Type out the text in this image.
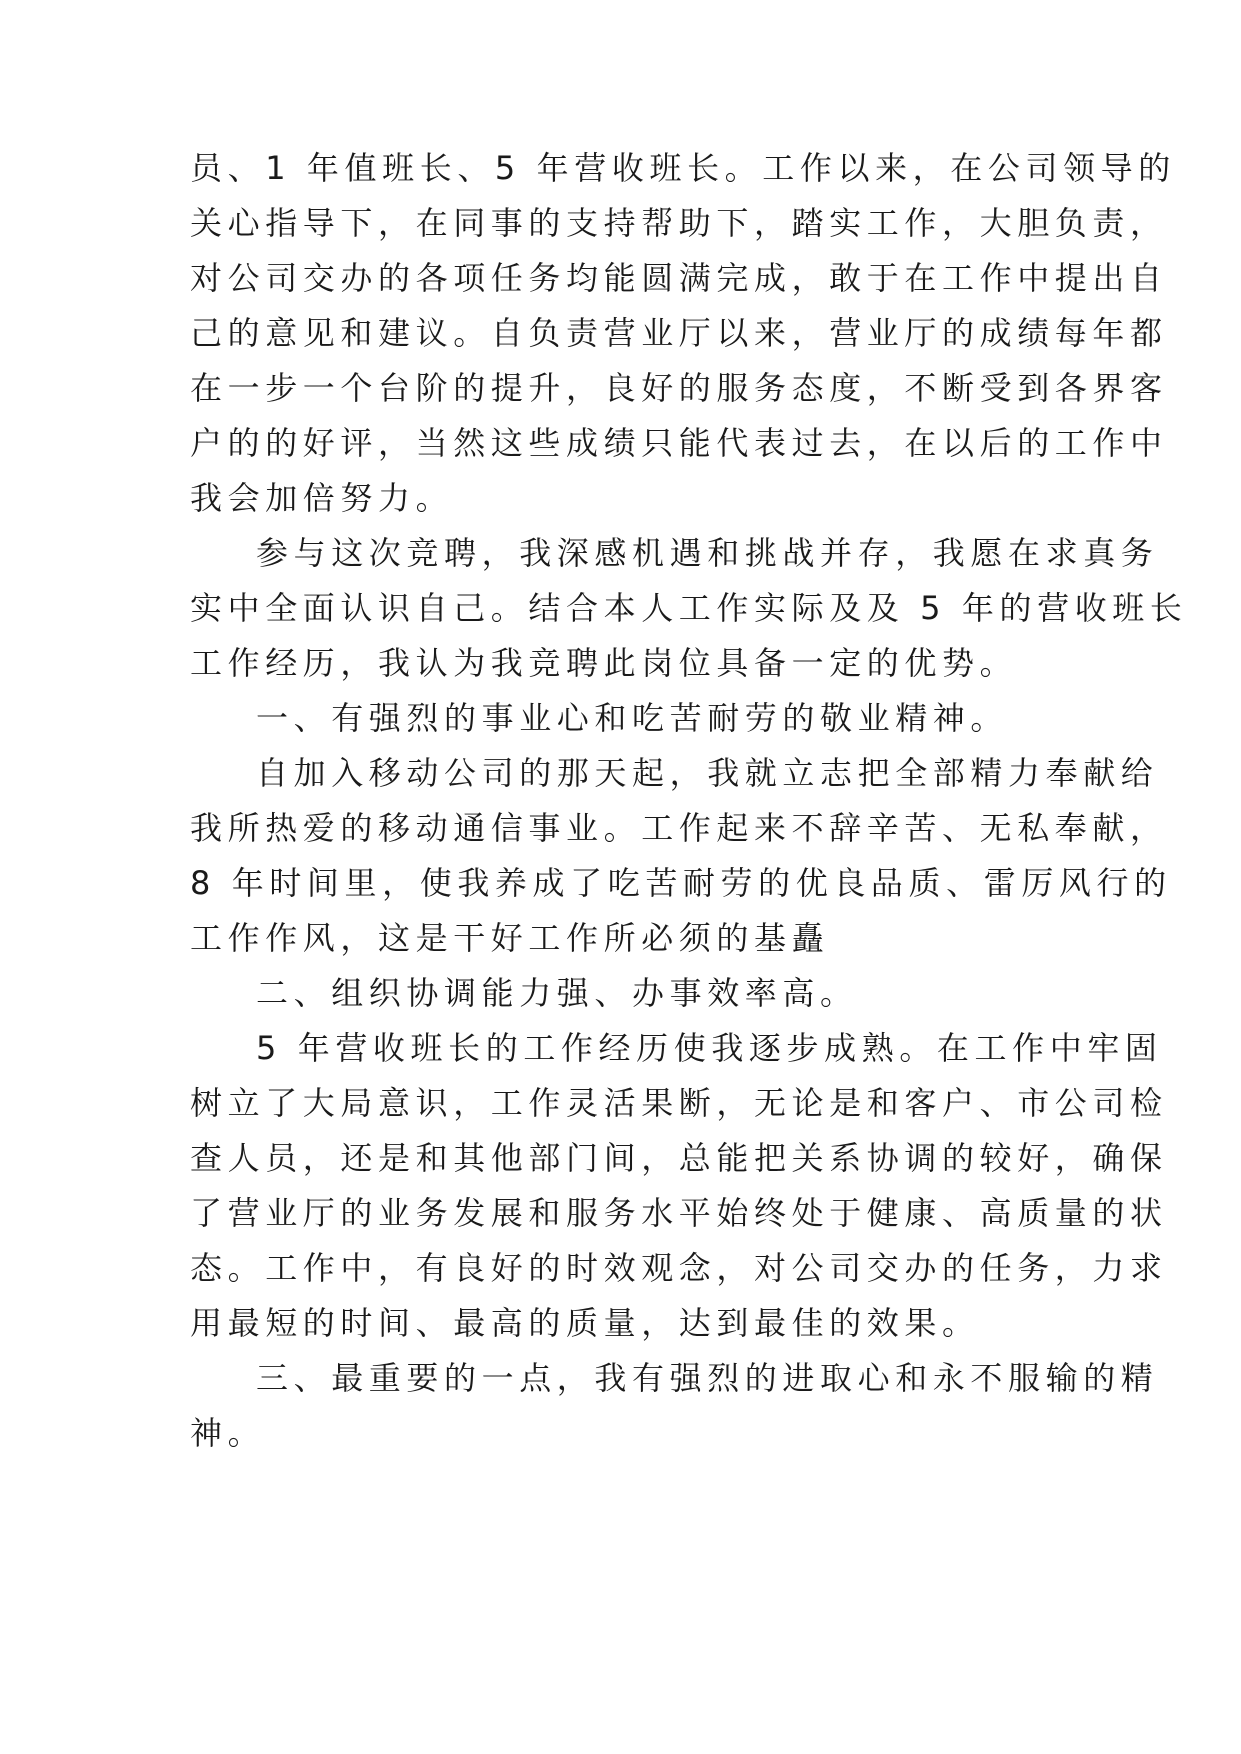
员、1 年值班长、5 年营收班长。工作以来，在公司领导的
关心指导下，在同事的支持帮助下，踏实工作，大胆负责，
对公司交办的各项任务均能圆满完成，敢于在工作中提出自
己的意见和建议。自负责营业厅以来，营业厅的成绩每年都
在一步一个台阶的提升，良好的服务态度，不断受到各界客
户的的好评，当然这些成绩只能代表过去，在以后的工作中
我会加倍努力。
参与这次竞聘，我深感机遇和挑战并存，我愿在求真务
实中全面认识自己。结合本人工作实际及及 5 年的营收班长
工作经历，我认为我竞聘此岗位具备一定的优势。
一、有强烈的事业心和吃苦耐劳的敬业精神。
自加入移动公司的那天起，我就立志把全部精力奉献给
我所热爱的移动通信事业。工作起来不辞辛苦、无私奉献，
8 年时间里，使我养成了吃苦耐劳的优良品质、雷厉风行的
工作作风，这是干好工作所必须的基矗
二、组织协调能力强、办事效率高。
5 年营收班长的工作经历使我逐步成熟。在工作中牢固
树立了大局意识，工作灵活果断，无论是和客户、市公司检
查人员，还是和其他部门间，总能把关系协调的较好，确保
了营业厅的业务发展和服务水平始终处于健康、高质量的状
态。工作中，有良好的时效观念，对公司交办的任务，力求
用最短的时间、最高的质量，达到最佳的效果。
三、最重要的一点，我有强烈的进取心和永不服输的精
神。
